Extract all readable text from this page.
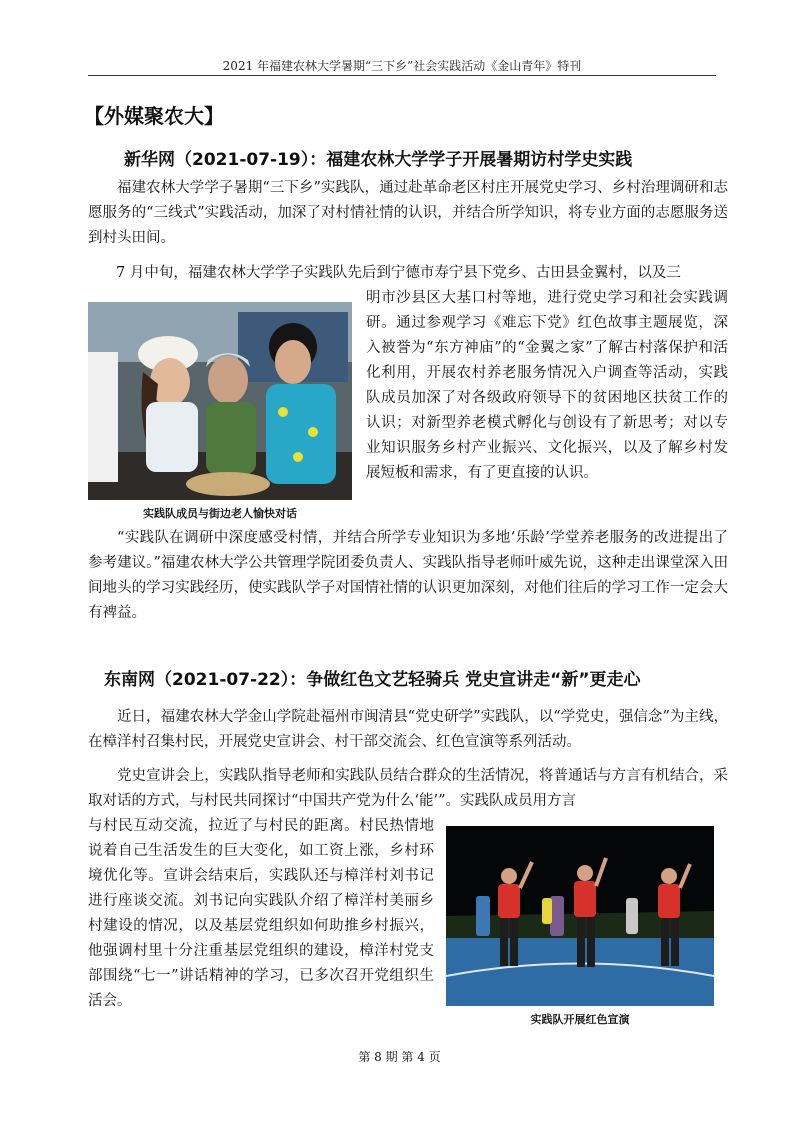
2021 年福建农林大学暑期“三下乡”社会实践活动《金山青年》特刊
【外媒聚农大】
新华网（2021-07-19）：福建农林大学学子开展暑期访村学史实践
福建农林大学学子暑期“三下乡”实践队，通过赴革命老区村庄开展党史学习、乡村治理调研和志愿服务的“三线式”实践活动，加深了对村情社情的认识，并结合所学知识，将专业方面的志愿服务送到村头田间。
7 月中旬，福建农林大学学子实践队先后到宁德市寿宁县下党乡、古田县金翼村，以及三
实践队成员与街边老人愉快对话
明市沙县区大基口村等地，进行党史学习和社会实践调研。通过参观学习《难忘下党》红色故事主题展览，深入被誉为“东方神庙”的“金翼之家”了解古村落保护和活化利用，开展农村养老服务情况入户调查等活动，实践队成员加深了对各级政府领导下的贫困地区扶贫工作的认识；对新型养老模式孵化与创设有了新思考；对以专业知识服务乡村产业振兴、文化振兴，以及了解乡村发展短板和需求，有了更直接的认识。
“实践队在调研中深度感受村情，并结合所学专业知识为多地‘乐龄’学堂养老服务的改进提出了参考建议。”福建农林大学公共管理学院团委负责人、实践队指导老师叶威先说，这种走出课堂深入田间地头的学习实践经历，使实践队学子对国情社情的认识更加深刻，对他们往后的学习工作一定会大有裨益。
东南网（2021-07-22）：争做红色文艺轻骑兵 党史宣讲走“新”更走心
近日，福建农林大学金山学院赴福州市闽清县“党史研学”实践队，以“学党史，强信念”为主线，在樟洋村召集村民，开展党史宣讲会、村干部交流会、红色宣演等系列活动。
党史宣讲会上，实践队指导老师和实践队员结合群众的生活情况，将普通话与方言有机结合，采取对话的方式，与村民共同探讨“中国共产党为什么‘能’”。实践队成员用方言
与村民互动交流，拉近了与村民的距离。村民热情地说着自己生活发生的巨大变化，如工资上涨，乡村环境优化等。宣讲会结束后，实践队还与樟洋村刘书记进行座谈交流。刘书记向实践队介绍了樟洋村美丽乡村建设的情况，以及基层党组织如何助推乡村振兴，他强调村里十分注重基层党组织的建设，樟洋村党支部围绕“七一”讲话精神的学习，已多次召开党组织生活会。
实践队开展红色宣演
第 8 期 第 4 页
